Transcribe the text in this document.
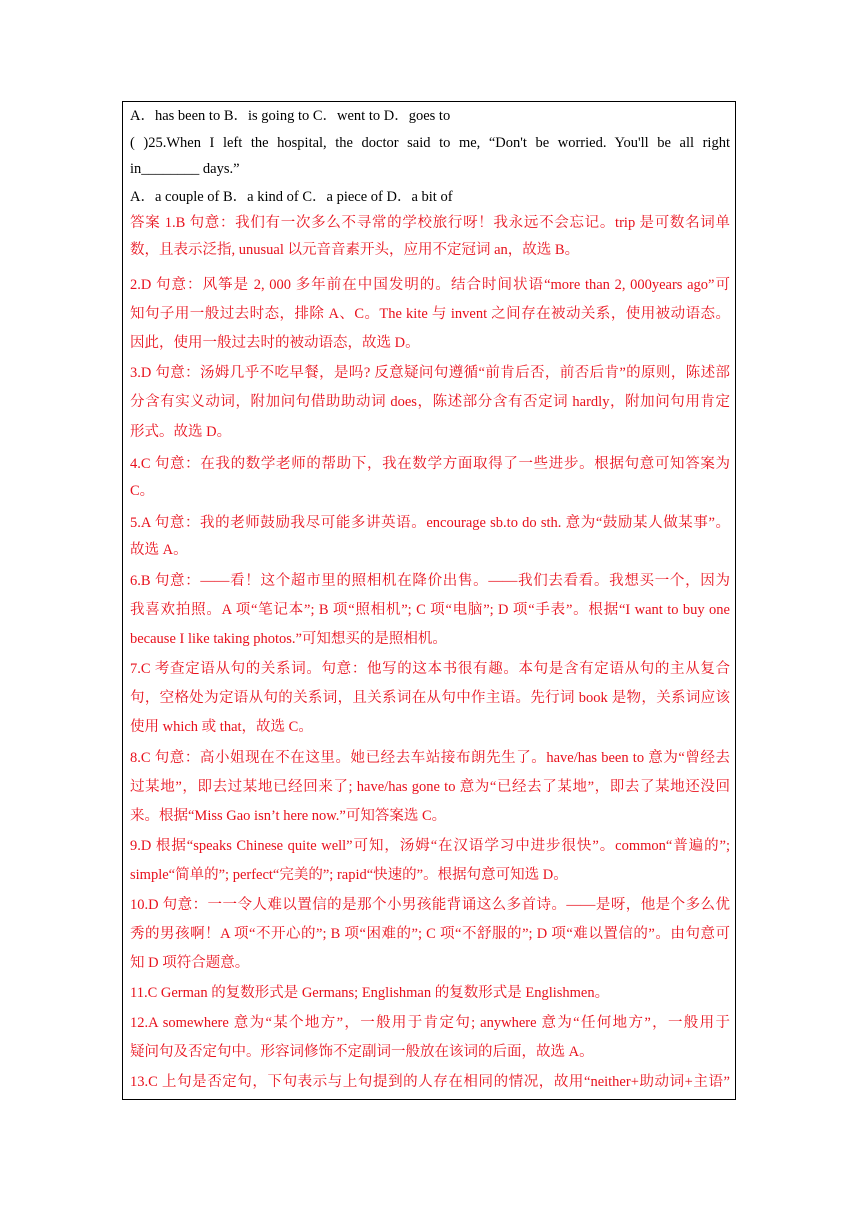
A．has been to B．is going to C．went to D．goes to
( )25.When I left the hospital, the doctor said to me, “Don't be worried. You'll be all right
in________ days.”
A．a couple of B．a kind of C．a piece of D．a bit of
答案 1.B 句意：我们有一次多么不寻常的学校旅行呀！我永远不会忘记。trip 是可数名词单
数，且表示泛指, unusual 以元音音素开头，应用不定冠词 an，故选 B。
2.D 句意：风筝是 2, 000 多年前在中国发明的。结合时间状语“more than 2, 000years ago”可
知句子用一般过去时态，排除 A、C。The kite 与 invent 之间存在被动关系，使用被动语态。
因此，使用一般过去时的被动语态，故选 D。
3.D 句意：汤姆几乎不吃早餐，是吗? 反意疑问句遵循“前肯后否，前否后肯”的原则，陈述部
分含有实义动词，附加问句借助助动词 does，陈述部分含有否定词 hardly，附加问句用肯定
形式。故选 D。
4.C 句意：在我的数学老师的帮助下，我在数学方面取得了一些进步。根据句意可知答案为
C。
5.A 句意：我的老师鼓励我尽可能多讲英语。encourage sb.to do sth. 意为“鼓励某人做某事”。
故选 A。
6.B 句意：——看！这个超市里的照相机在降价出售。——我们去看看。我想买一个，因为
我喜欢拍照。A 项“笔记本”; B 项“照相机”; C 项“电脑”; D 项“手表”。根据“I want to buy one
because I like taking photos.”可知想买的是照相机。
7.C 考查定语从句的关系词。句意：他写的这本书很有趣。本句是含有定语从句的主从复合
句，空格处为定语从句的关系词，且关系词在从句中作主语。先行词 book 是物，关系词应该
使用 which 或 that，故选 C。
8.C 句意：高小姐现在不在这里。她已经去车站接布朗先生了。have/has been to 意为“曾经去
过某地”，即去过某地已经回来了; have/has gone to 意为“已经去了某地”，即去了某地还没回
来。根据“Miss Gao isn’t here now.”可知答案选 C。
9.D 根据“speaks Chinese quite well”可知，汤姆“在汉语学习中进步很快”。common“普遍的”;
simple“简单的”; perfect“完美的”; rapid“快速的”。根据句意可知选 D。
10.D 句意：一一令人难以置信的是那个小男孩能背诵这么多首诗。——是呀，他是个多么优
秀的男孩啊！A 项“不开心的”; B 项“困难的”; C 项“不舒服的”; D 项“难以置信的”。由句意可
知 D 项符合题意。
11.C German 的复数形式是 Germans; Englishman 的复数形式是 Englishmen。
12.A somewhere 意为“某个地方”，一般用于肯定句; anywhere 意为“任何地方”，一般用于
疑问句及否定句中。形容词修饰不定副词一般放在该词的后面，故选 A。
13.C 上句是否定句，下句表示与上句提到的人存在相同的情况，故用“neither+助动词+主语”
